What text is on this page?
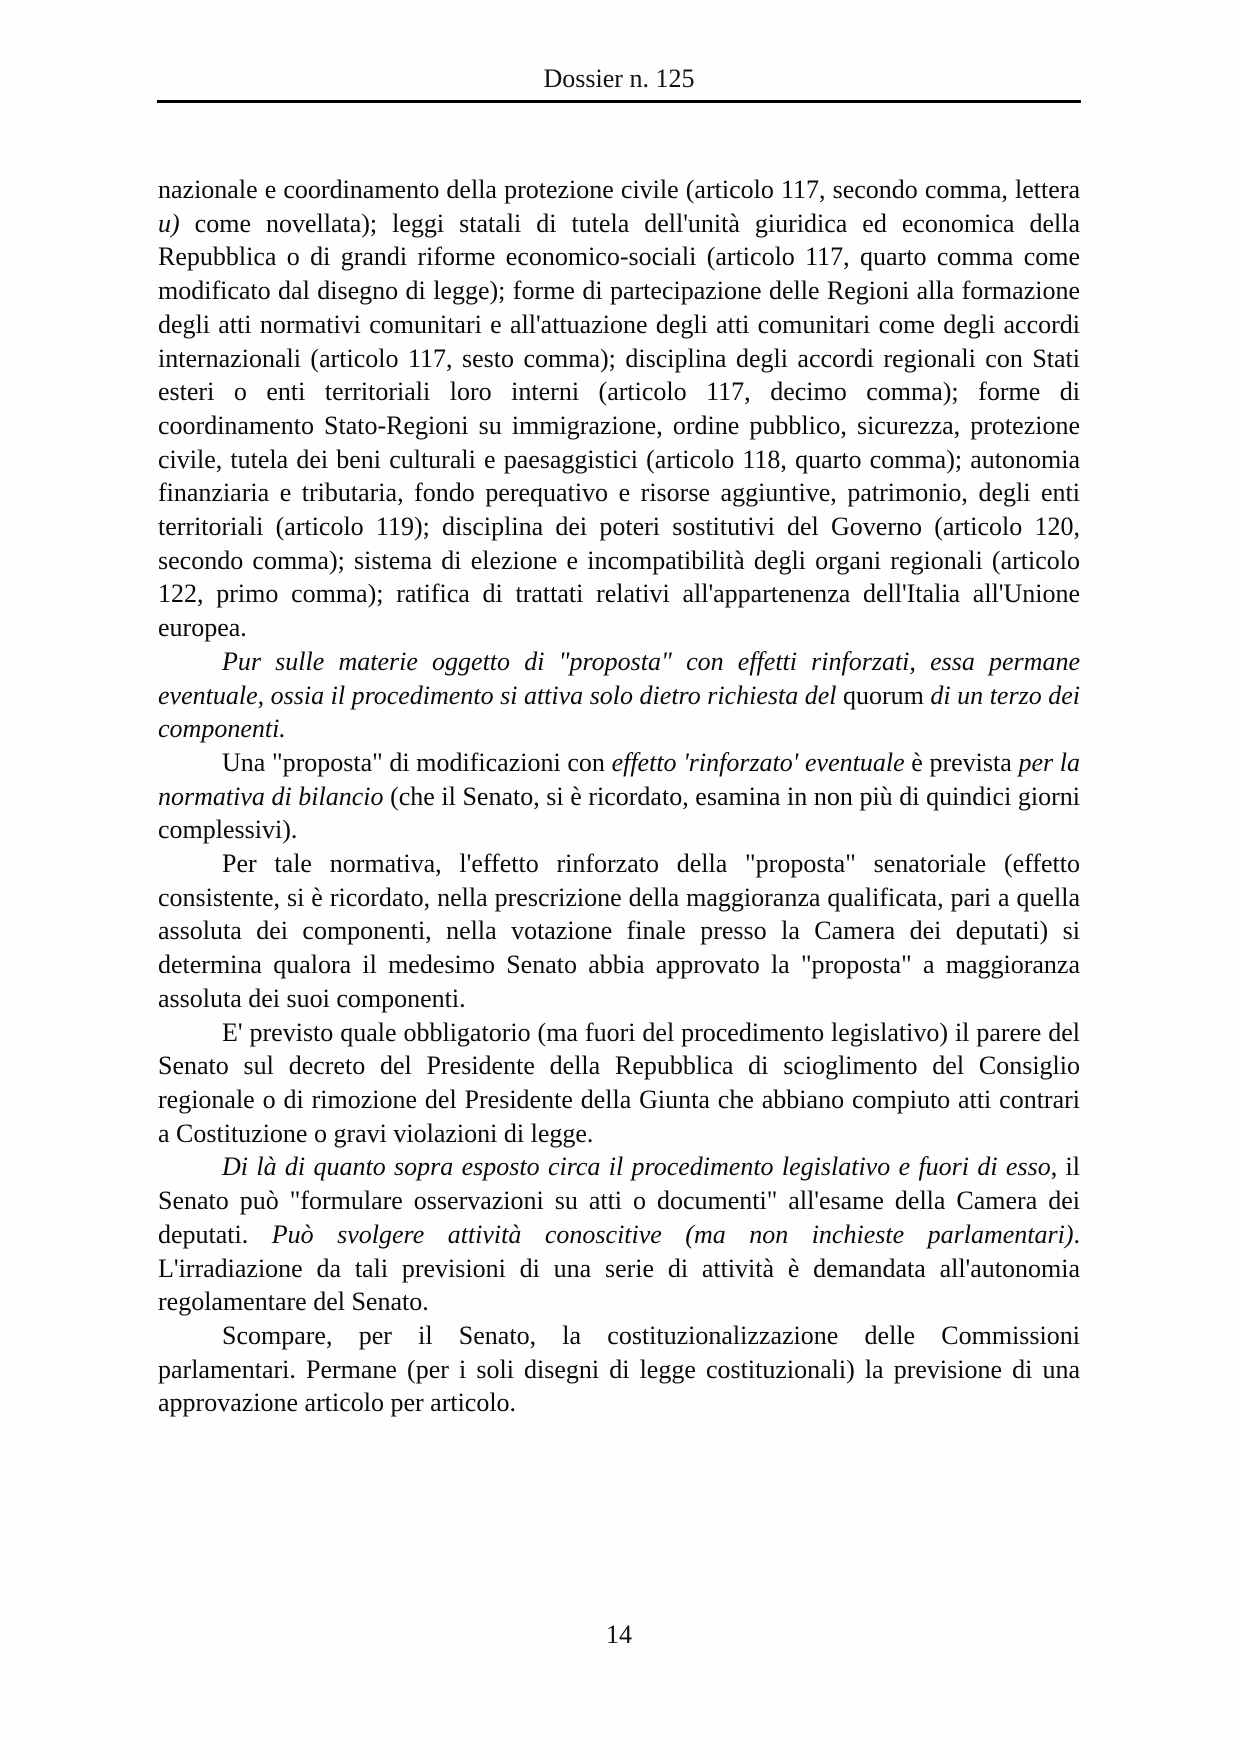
Dossier n. 125

nazionale e coordinamento della protezione civile (articolo 117, secondo comma, lettera u) come novellata); leggi statali di tutela dell'unità giuridica ed economica della Repubblica o di grandi riforme economico-sociali (articolo 117, quarto comma come modificato dal disegno di legge); forme di partecipazione delle Regioni alla formazione degli atti normativi comunitari e all'attuazione degli atti comunitari come degli accordi internazionali (articolo 117, sesto comma); disciplina degli accordi regionali con Stati esteri o enti territoriali loro interni (articolo 117, decimo comma); forme di coordinamento Stato-Regioni su immigrazione, ordine pubblico, sicurezza, protezione civile, tutela dei beni culturali e paesaggistici (articolo 118, quarto comma); autonomia finanziaria e tributaria, fondo perequativo e risorse aggiuntive, patrimonio, degli enti territoriali (articolo 119); disciplina dei poteri sostitutivi del Governo (articolo 120, secondo comma); sistema di elezione e incompatibilità degli organi regionali (articolo 122, primo comma); ratifica di trattati relativi all'appartenenza dell'Italia all'Unione europea.

Pur sulle materie oggetto di "proposta" con effetti rinforzati, essa permane eventuale, ossia il procedimento si attiva solo dietro richiesta del quorum di un terzo dei componenti.

Una "proposta" di modificazioni con effetto 'rinforzato' eventuale è prevista per la normativa di bilancio (che il Senato, si è ricordato, esamina in non più di quindici giorni complessivi).

Per tale normativa, l'effetto rinforzato della "proposta" senatoriale (effetto consistente, si è ricordato, nella prescrizione della maggioranza qualificata, pari a quella assoluta dei componenti, nella votazione finale presso la Camera dei deputati) si determina qualora il medesimo Senato abbia approvato la "proposta" a maggioranza assoluta dei suoi componenti.

E' previsto quale obbligatorio (ma fuori del procedimento legislativo) il parere del Senato sul decreto del Presidente della Repubblica di scioglimento del Consiglio regionale o di rimozione del Presidente della Giunta che abbiano compiuto atti contrari a Costituzione o gravi violazioni di legge.

Di là di quanto sopra esposto circa il procedimento legislativo e fuori di esso, il Senato può "formulare osservazioni su atti o documenti" all'esame della Camera dei deputati. Può svolgere attività conoscitive (ma non inchieste parlamentari). L'irradiazione da tali previsioni di una serie di attività è demandata all'autonomia regolamentare del Senato.

Scompare, per il Senato, la costituzionalizzazione delle Commissioni parlamentari. Permane (per i soli disegni di legge costituzionali) la previsione di una approvazione articolo per articolo.

14
